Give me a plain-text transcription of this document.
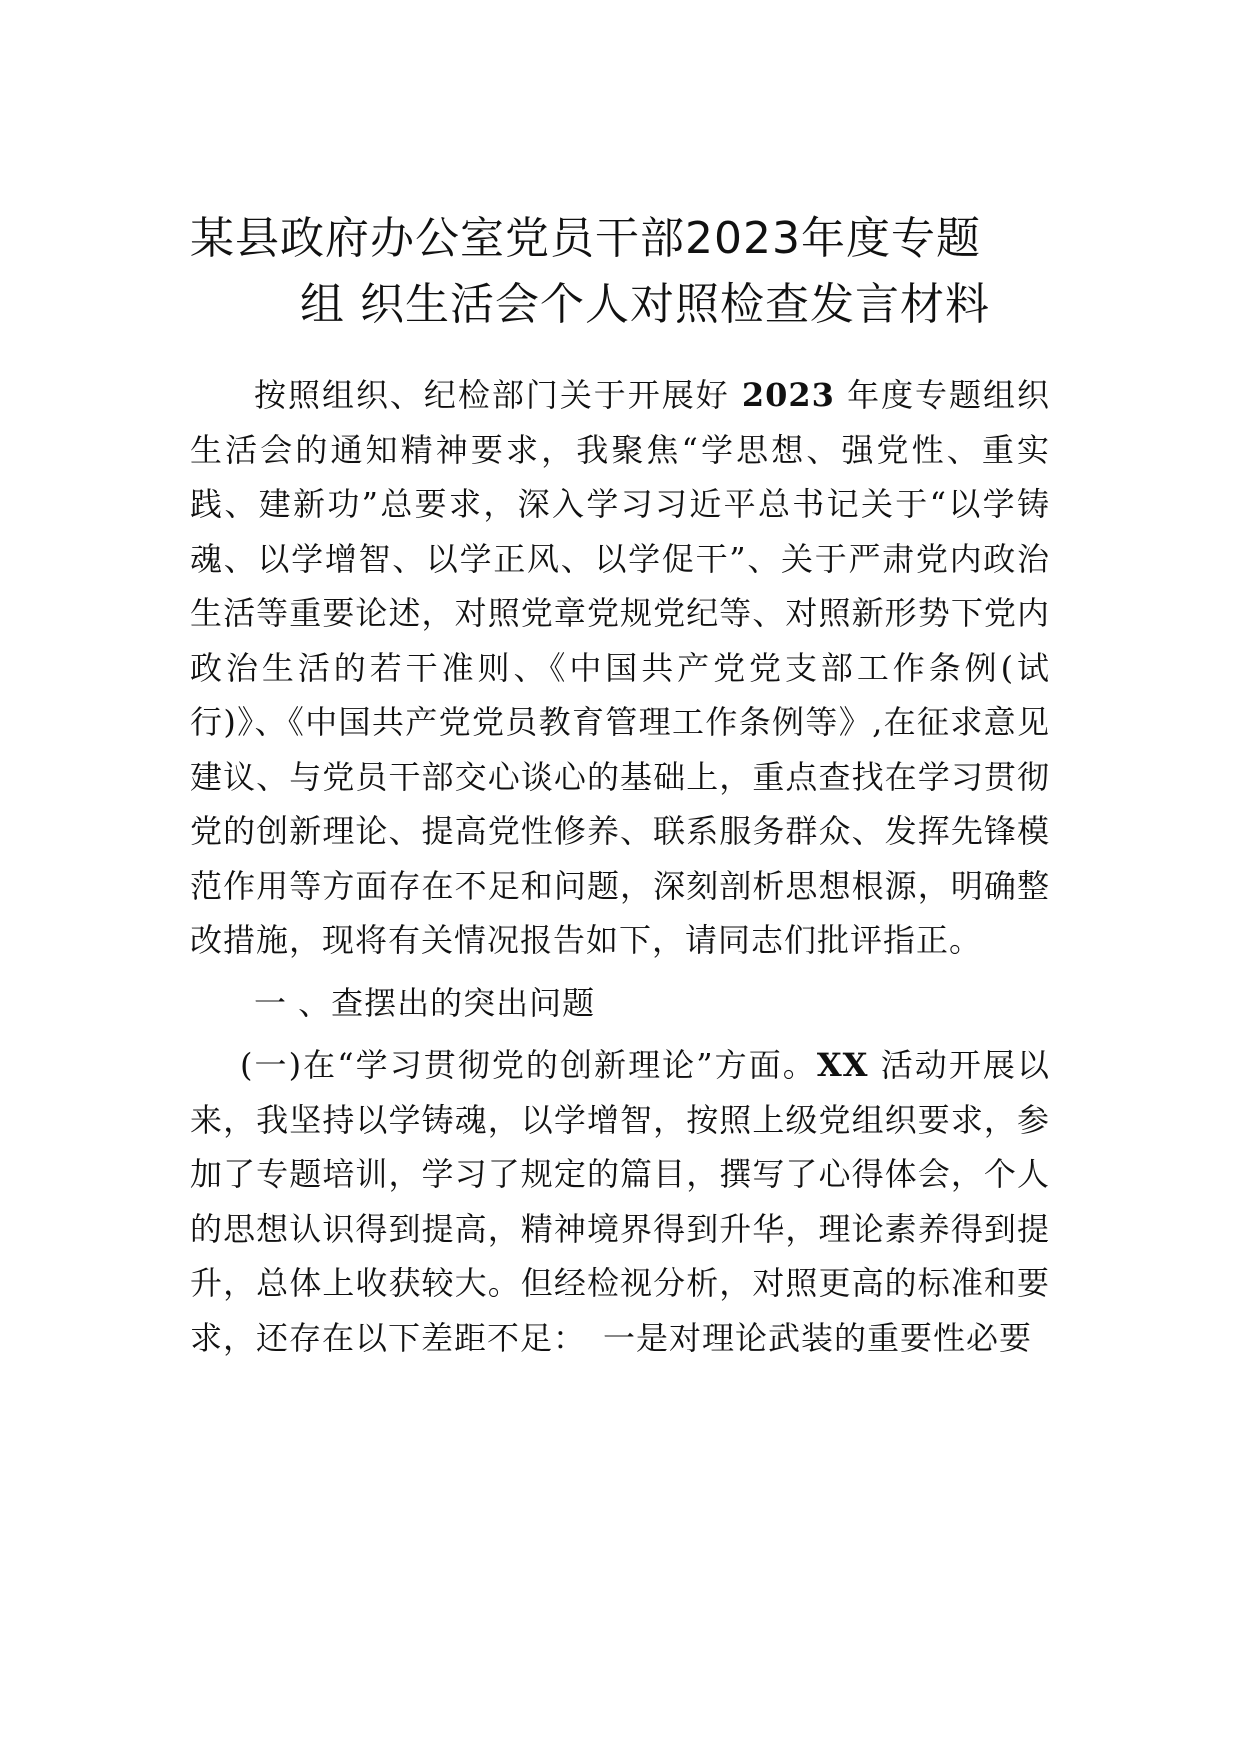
某县政府办公室党员干部2023年度专题
组 织生活会个人对照检查发言材料

按照组织、纪检部门关于开展好 2023 年度专题组织生活会的通知精神要求，我聚焦“学思想、强党性、重实践、建新功”总要求，深入学习习近平总书记关于“以学铸魂、以学增智、以学正风、以学促干”、关于严肃党内政治生活等重要论述，对照党章党规党纪等、对照新形势下党内政治生活的若干准则、《中国共产党党支部工作条例(试行)》、《中国共产党党员教育管理工作条例等》,在征求意见建议、与党员干部交心谈心的基础上，重点查找在学习贯彻党的创新理论、提高党性修养、联系服务群众、发挥先锋模范作用等方面存在不足和问题，深刻剖析思想根源，明确整改措施，现将有关情况报告如下，请同志们批评指正。

一 、查摆出的突出问题

(一)在“学习贯彻党的创新理论”方面。XX 活动开展以来，我坚持以学铸魂，以学增智，按照上级党组织要求，参加了专题培训，学习了规定的篇目，撰写了心得体会，个人的思想认识得到提高，精神境界得到升华，理论素养得到提升，总体上收获较大。但经检视分析，对照更高的标准和要求，还存在以下差距不足：　一是对理论武装的重要性必要
